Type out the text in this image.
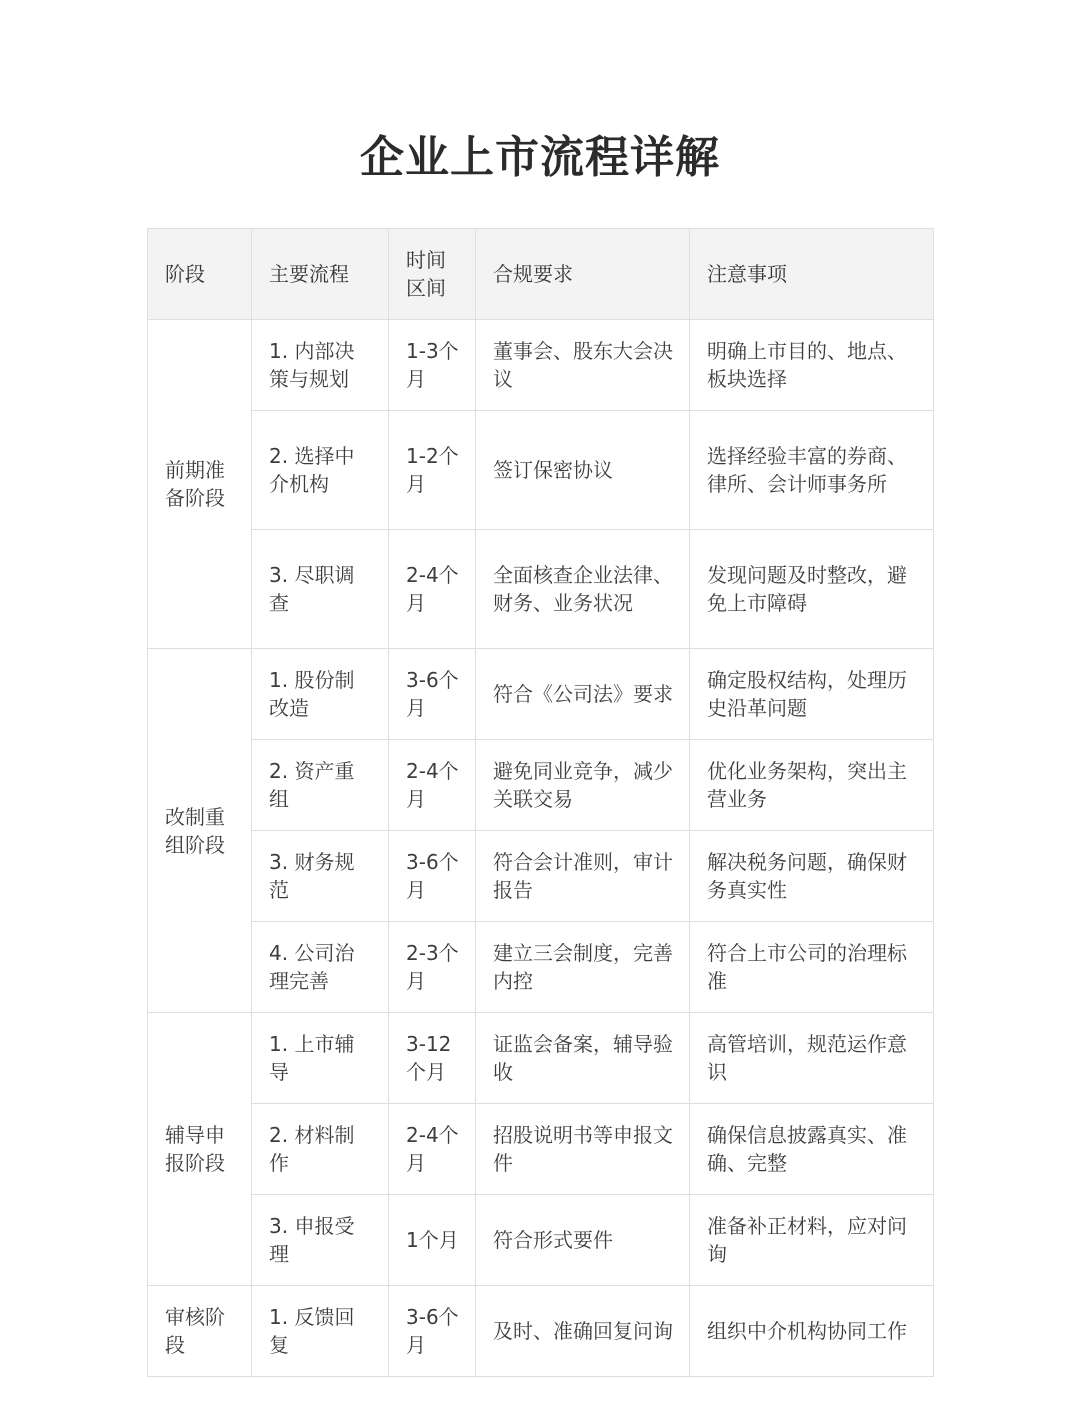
企业上市流程详解
阶段	主要流程	时间区间	合规要求	注意事项
前期准备阶段	1. 内部决策与规划	1-3个月	董事会、股东大会决议	明确上市目的、地点、板块选择
	2. 选择中介机构	1-2个月	签订保密协议	选择经验丰富的券商、律所、会计师事务所
	3. 尽职调查	2-4个月	全面核查企业法律、财务、业务状况	发现问题及时整改，避免上市障碍
改制重组阶段	1. 股份制改造	3-6个月	符合《公司法》要求	确定股权结构，处理历史沿革问题
	2. 资产重组	2-4个月	避免同业竞争，减少关联交易	优化业务架构，突出主营业务
	3. 财务规范	3-6个月	符合会计准则，审计报告	解决税务问题，确保财务真实性
	4. 公司治理完善	2-3个月	建立三会制度，完善内控	符合上市公司的治理标准
辅导申报阶段	1. 上市辅导	3-12个月	证监会备案，辅导验收	高管培训，规范运作意识
	2. 材料制作	2-4个月	招股说明书等申报文件	确保信息披露真实、准确、完整
	3. 申报受理	1个月	符合形式要件	准备补正材料，应对问询
审核阶段	1. 反馈回复	3-6个月	及时、准确回复问询	组织中介机构协同工作
